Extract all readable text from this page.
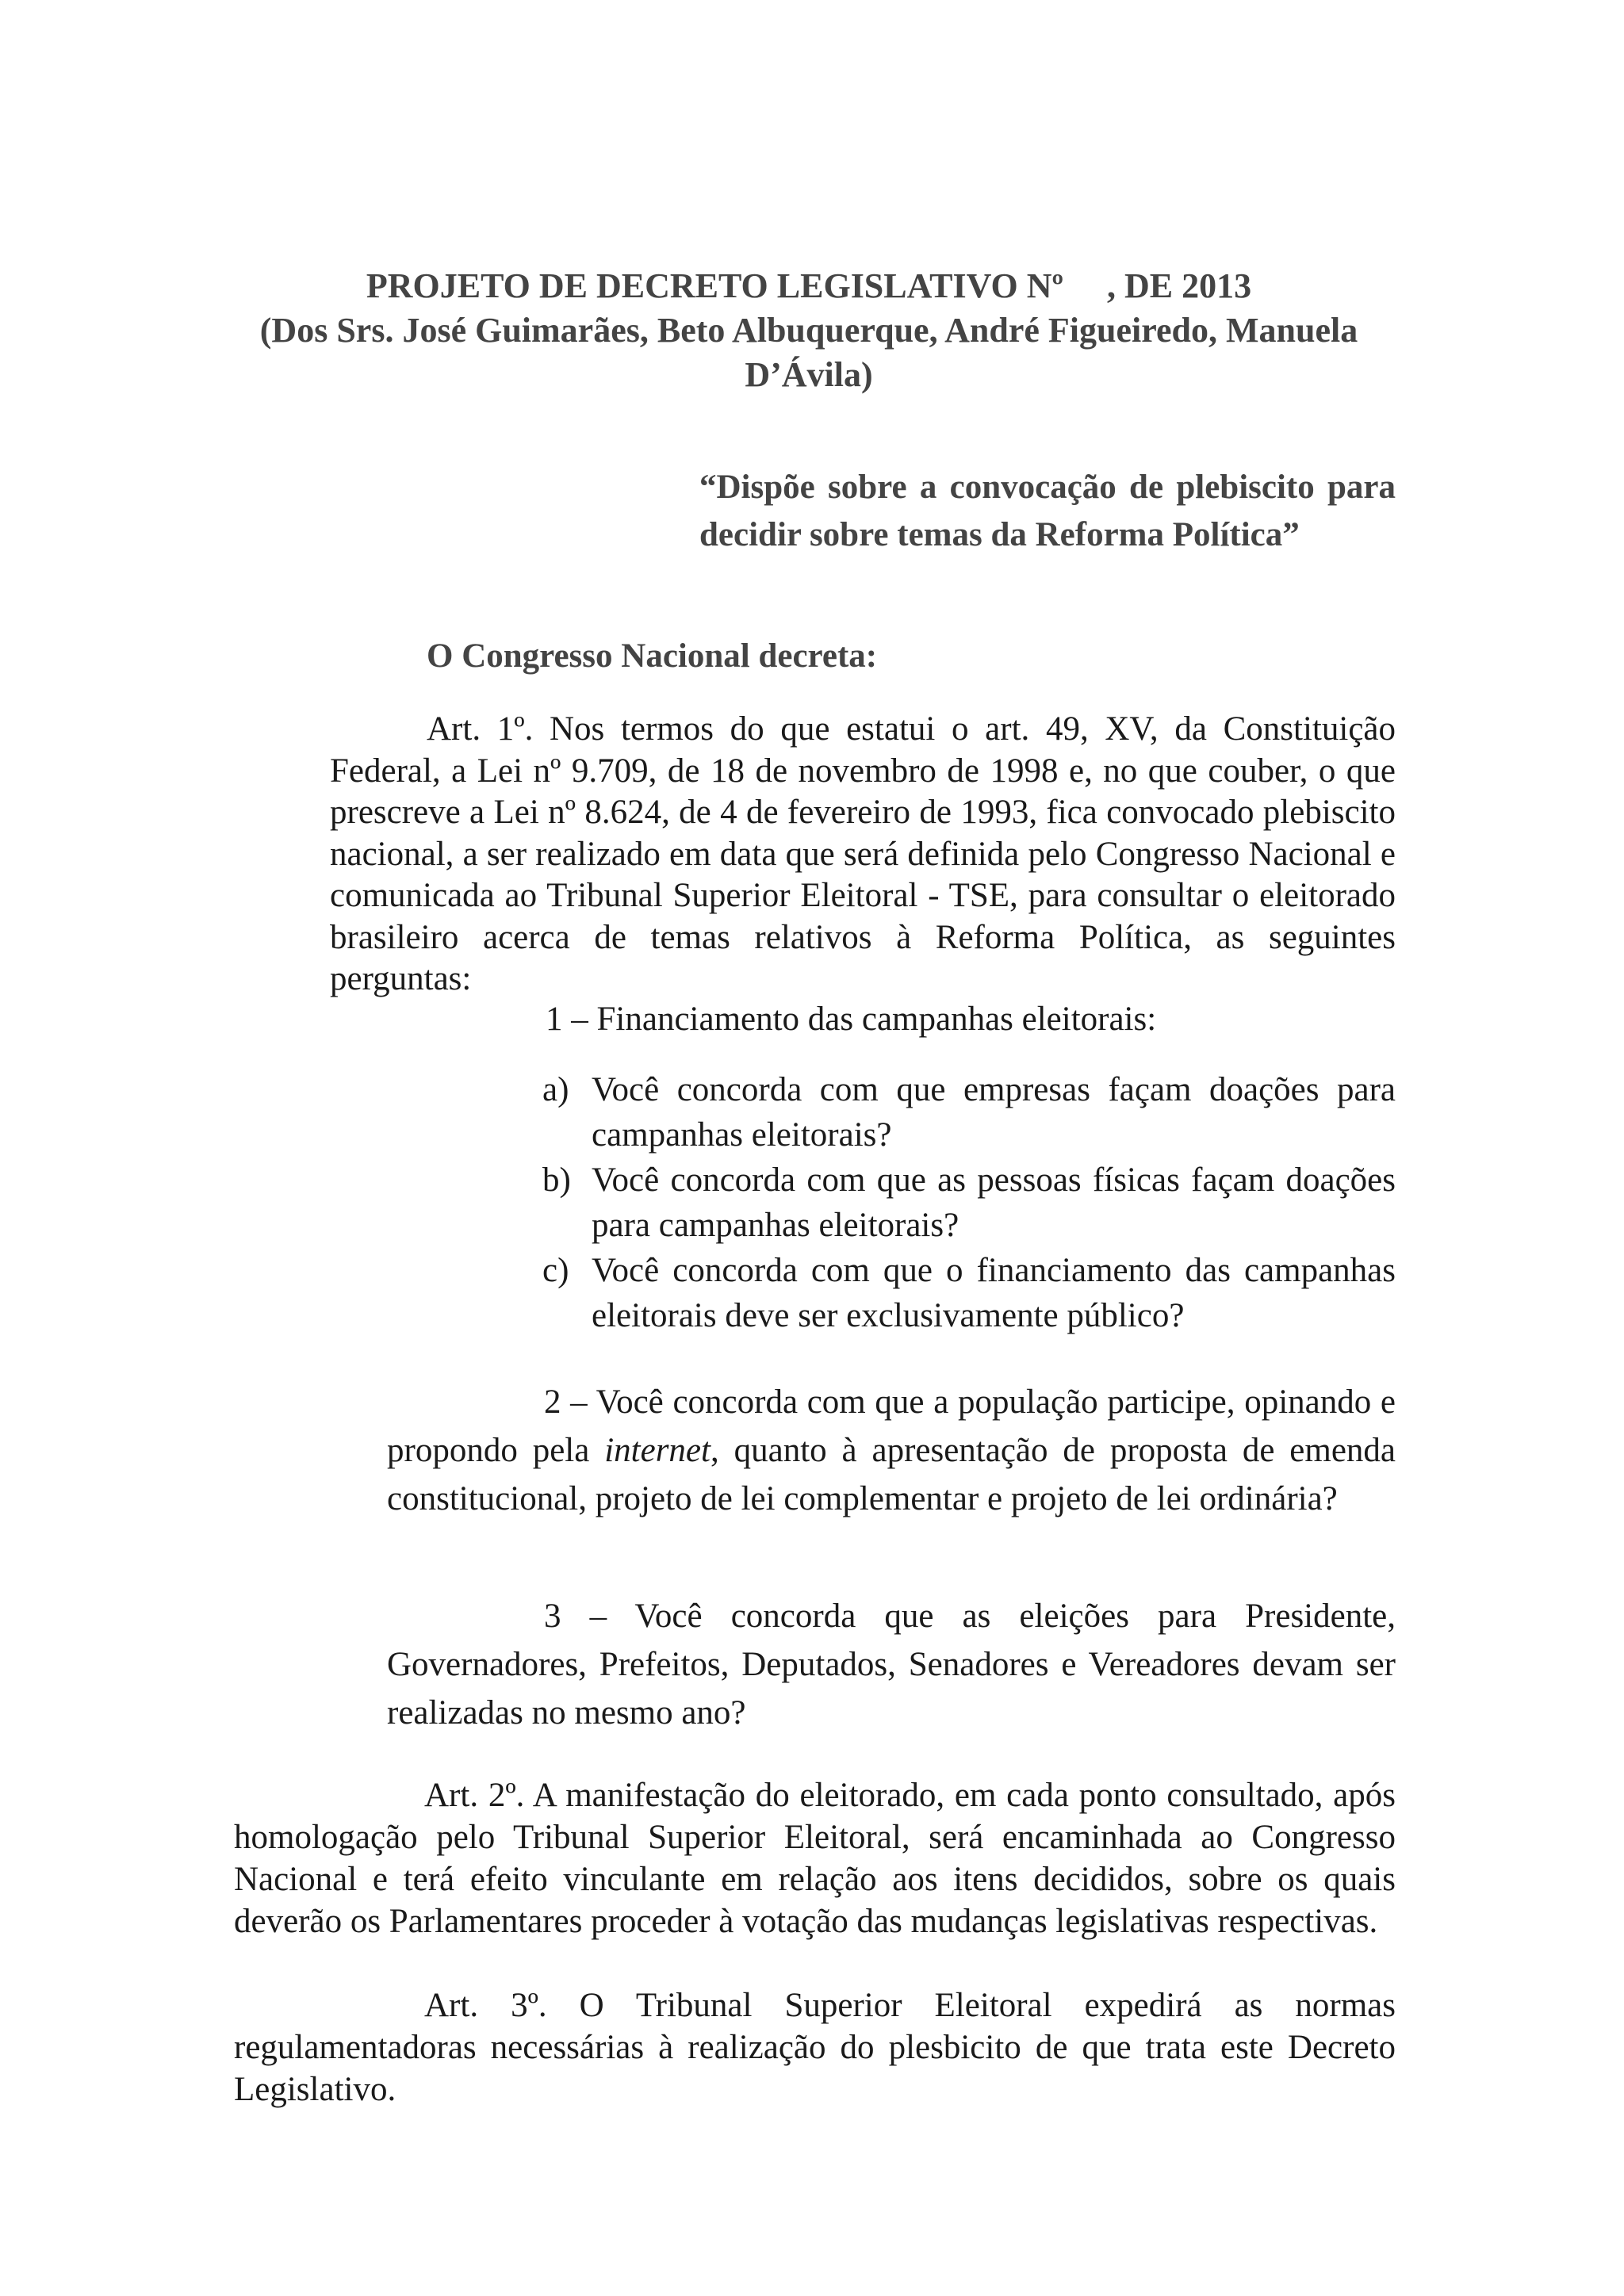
PROJETO DE DECRETO LEGISLATIVO Nº     , DE 2013
(Dos Srs. José Guimarães, Beto Albuquerque, André Figueiredo, Manuela
D’Ávila)
“Dispõe sobre a convocação de plebiscito para decidir sobre temas da Reforma Política”
O Congresso Nacional decreta:
Art. 1º. Nos termos do que estatui o art. 49, XV, da Constituição Federal, a Lei nº 9.709, de 18 de novembro de 1998 e, no que couber, o que prescreve a Lei nº 8.624, de 4 de fevereiro de 1993, fica convocado plebiscito nacional, a ser realizado em data que será definida pelo Congresso Nacional e comunicada ao Tribunal Superior Eleitoral - TSE, para consultar o eleitorado brasileiro acerca de temas relativos à Reforma Política, as seguintes perguntas:
1 – Financiamento das campanhas eleitorais:
a) Você concorda com que empresas façam doações para campanhas eleitorais?
b) Você concorda com que as pessoas físicas façam doações para campanhas eleitorais?
c) Você concorda com que o financiamento das campanhas eleitorais deve ser exclusivamente público?
2 – Você concorda com que a população participe, opinando e propondo pela internet, quanto à apresentação de proposta de emenda constitucional, projeto de lei complementar e projeto de lei ordinária?
3 – Você concorda que as eleições para Presidente, Governadores, Prefeitos, Deputados, Senadores e Vereadores devam ser realizadas no mesmo ano?
Art. 2º. A manifestação do eleitorado, em cada ponto consultado, após homologação pelo Tribunal Superior Eleitoral, será encaminhada ao Congresso Nacional e terá efeito vinculante em relação aos itens decididos, sobre os quais deverão os Parlamentares proceder à votação das mudanças legislativas respectivas.
Art. 3º. O Tribunal Superior Eleitoral expedirá as normas regulamentadoras necessárias à realização do plesbicito de que trata este Decreto Legislativo.
